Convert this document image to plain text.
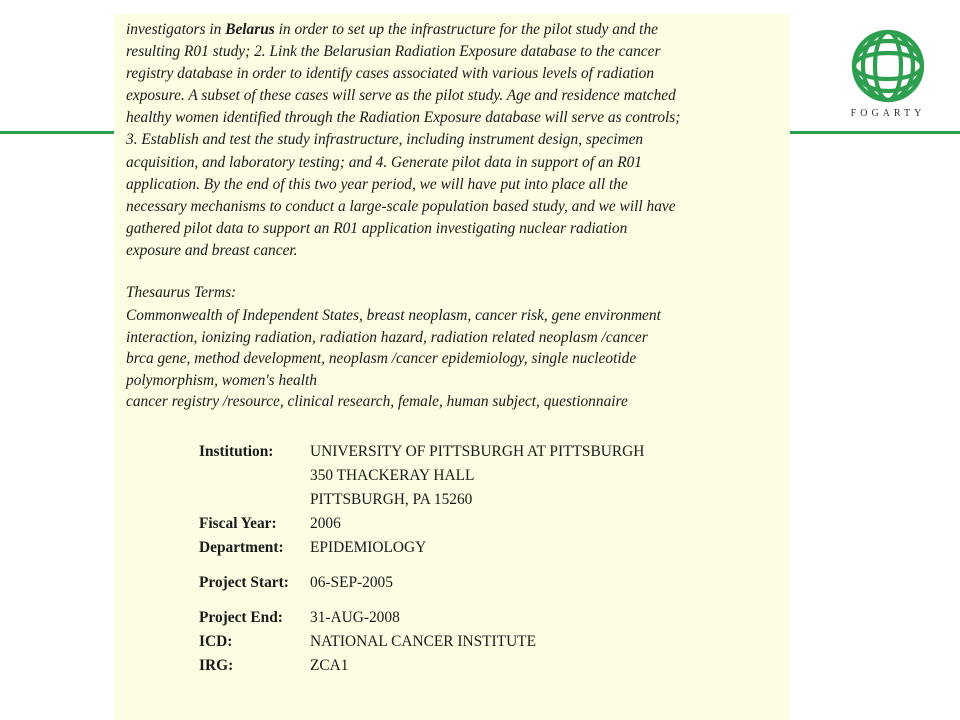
FOGARTY

investigators in Belarus in order to set up the infrastructure for the pilot study and the
resulting R01 study; 2. Link the Belarusian Radiation Exposure database to the cancer
registry database in order to identify cases associated with various levels of radiation
exposure. A subset of these cases will serve as the pilot study. Age and residence matched
healthy women identified through the Radiation Exposure database will serve as controls;
3. Establish and test the study infrastructure, including instrument design, specimen
acquisition, and laboratory testing; and 4. Generate pilot data in support of an R01
application. By the end of this two year period, we will have put into place all the
necessary mechanisms to conduct a large-scale population based study, and we will have
gathered pilot data to support an R01 application investigating nuclear radiation
exposure and breast cancer.

Thesaurus Terms:

Commonwealth of Independent States, breast neoplasm, cancer risk, gene environment
interaction, ionizing radiation, radiation hazard, radiation related neoplasm /cancer
brca gene, method development, neoplasm /cancer epidemiology, single nucleotide
polymorphism, women's health
cancer registry /resource, clinical research, female, human subject, questionnaire

Institution:	UNIVERSITY OF PITTSBURGH AT PITTSBURGH
350 THACKERAY HALL
PITTSBURGH, PA 15260

Fiscal Year:	2006
Department:	EPIDEMIOLOGY
Project Start:	06-SEP-2005
Project End:	31-AUG-2008
ICD:	NATIONAL CANCER INSTITUTE
IRG:	ZCA1
